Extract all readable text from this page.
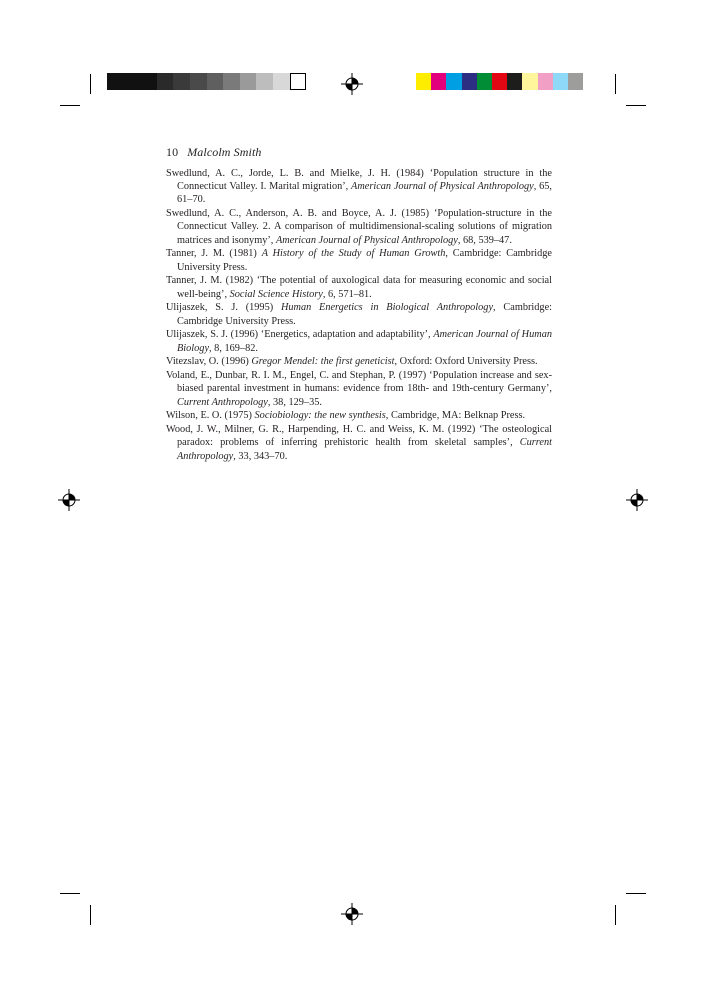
10 Malcolm Smith

Swedlund, A. C., Jorde, L. B. and Mielke, J. H. (1984) ‘Population structure in the Connecticut Valley. I. Marital migration’, American Journal of Physical Anthropology, 65, 61–70.

Swedlund, A. C., Anderson, A. B. and Boyce, A. J. (1985) ‘Population-structure in the Connecticut Valley. 2. A comparison of multidimensional-scaling solutions of migration matrices and isonymy’, American Journal of Physical Anthropology, 68, 539–47.

Tanner, J. M. (1981) A History of the Study of Human Growth, Cambridge: Cambridge University Press.

Tanner, J. M. (1982) ‘The potential of auxological data for measuring economic and social well-being’, Social Science History, 6, 571–81.

Ulijaszek, S. J. (1995) Human Energetics in Biological Anthropology, Cambridge: Cambridge University Press.

Ulijaszek, S. J. (1996) ‘Energetics, adaptation and adaptability’, American Journal of Human Biology, 8, 169–82.

Vitezslav, O. (1996) Gregor Mendel: the first geneticist, Oxford: Oxford University Press.

Voland, E., Dunbar, R. I. M., Engel, C. and Stephan, P. (1997) ‘Population increase and sex-biased parental investment in humans: evidence from 18th- and 19th-century Germany’, Current Anthropology, 38, 129–35.

Wilson, E. O. (1975) Sociobiology: the new synthesis, Cambridge, MA: Belknap Press.

Wood, J. W., Milner, G. R., Harpending, H. C. and Weiss, K. M. (1992) ‘The osteological paradox: problems of inferring prehistoric health from skeletal samples’, Current Anthropology, 33, 343–70.
